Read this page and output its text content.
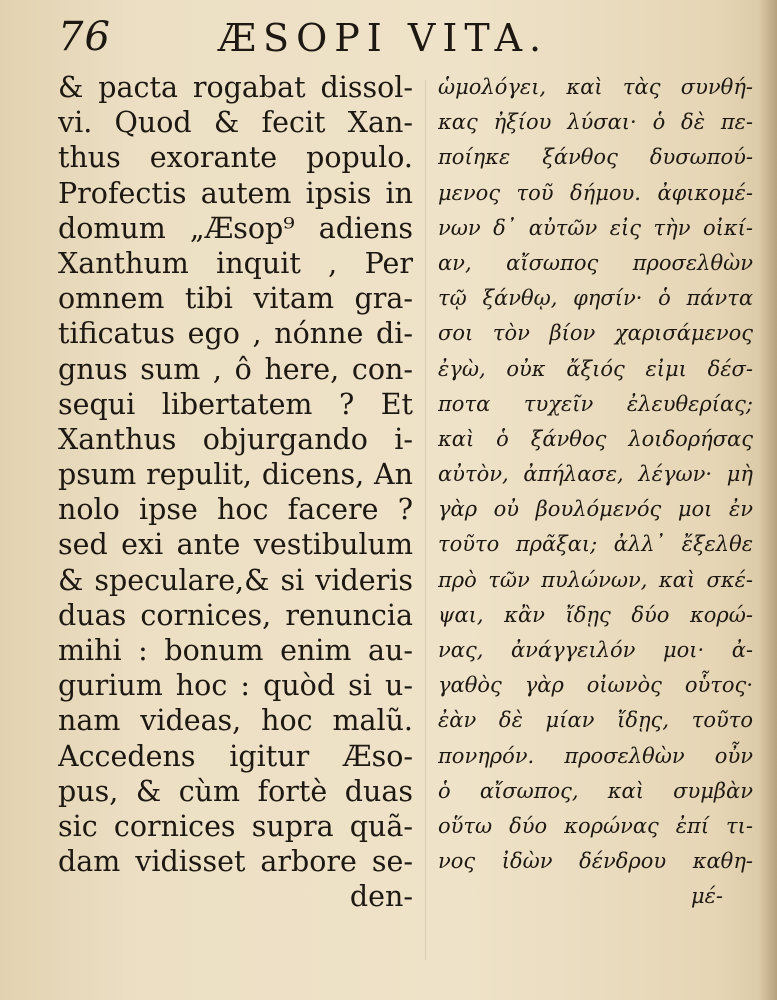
76	ÆSOPI VITA.
& pacta rogabat dissol-
vi. Quod & fecit Xan-
thus exorante populo.
Profectis autem ipsis in
domum „Æsop⁹ adiens
Xanthum inquit , Per
omnem tibi vitam gra-
tificatus ego , nónne di-
gnus sum , ô here, con-
sequi libertatem ? Et
Xanthus objurgando i-
psum repulit, dicens, An
nolo ipse hoc facere ?
sed exi ante vestibulum
& speculare,& si videris
duas cornices, renuncia
mihi : bonum enim au-
gurium hoc : quòd si u-
nam videas, hoc malũ.
Accedens igitur Æso-
pus, & cùm fortè duas
sic cornices supra quã-
dam vidisset arbore se-
den-
ὡμολόγει, καὶ τὰς συνθή-
κας ἠξίου λύσαι· ὁ δὲ πε-
ποίηκε ξάνθος δυσωπού-
μενος τοῦ δήμου. ἀφικομέ-
νων δ᾽ αὐτῶν εἰς τὴν οἰκί-
αν, αἴσωπος προσελθὼν
τῷ ξάνθῳ, φησίν· ὁ πάντα
σοι τὸν βίον χαρισάμενος
ἐγὼ, οὐκ ἄξιός εἰμι δέσ-
ποτα τυχεῖν ἐλευθερίας;
καὶ ὁ ξάνθος λοιδορήσας
αὐτὸν, ἀπήλασε, λέγων· μὴ
γὰρ οὐ βουλόμενός μοι ἐν
τοῦτο πρᾶξαι; ἀλλ᾽ ἔξελθε
πρὸ τῶν πυλώνων, καὶ σκέ-
ψαι, κἂν ἴδῃς δύο κορώ-
νας, ἀνάγγειλόν μοι· ἀ-
γαθὸς γὰρ οἰωνὸς οὗτος·
ἐὰν δὲ μίαν ἴδῃς, τοῦτο
πονηρόν. προσελθὼν οὖν
ὁ αἴσωπος, καὶ συμβὰν
οὕτω δύο κορώνας ἐπί τι-
νος ἰδὼν δένδρου καθη-
μέ-
